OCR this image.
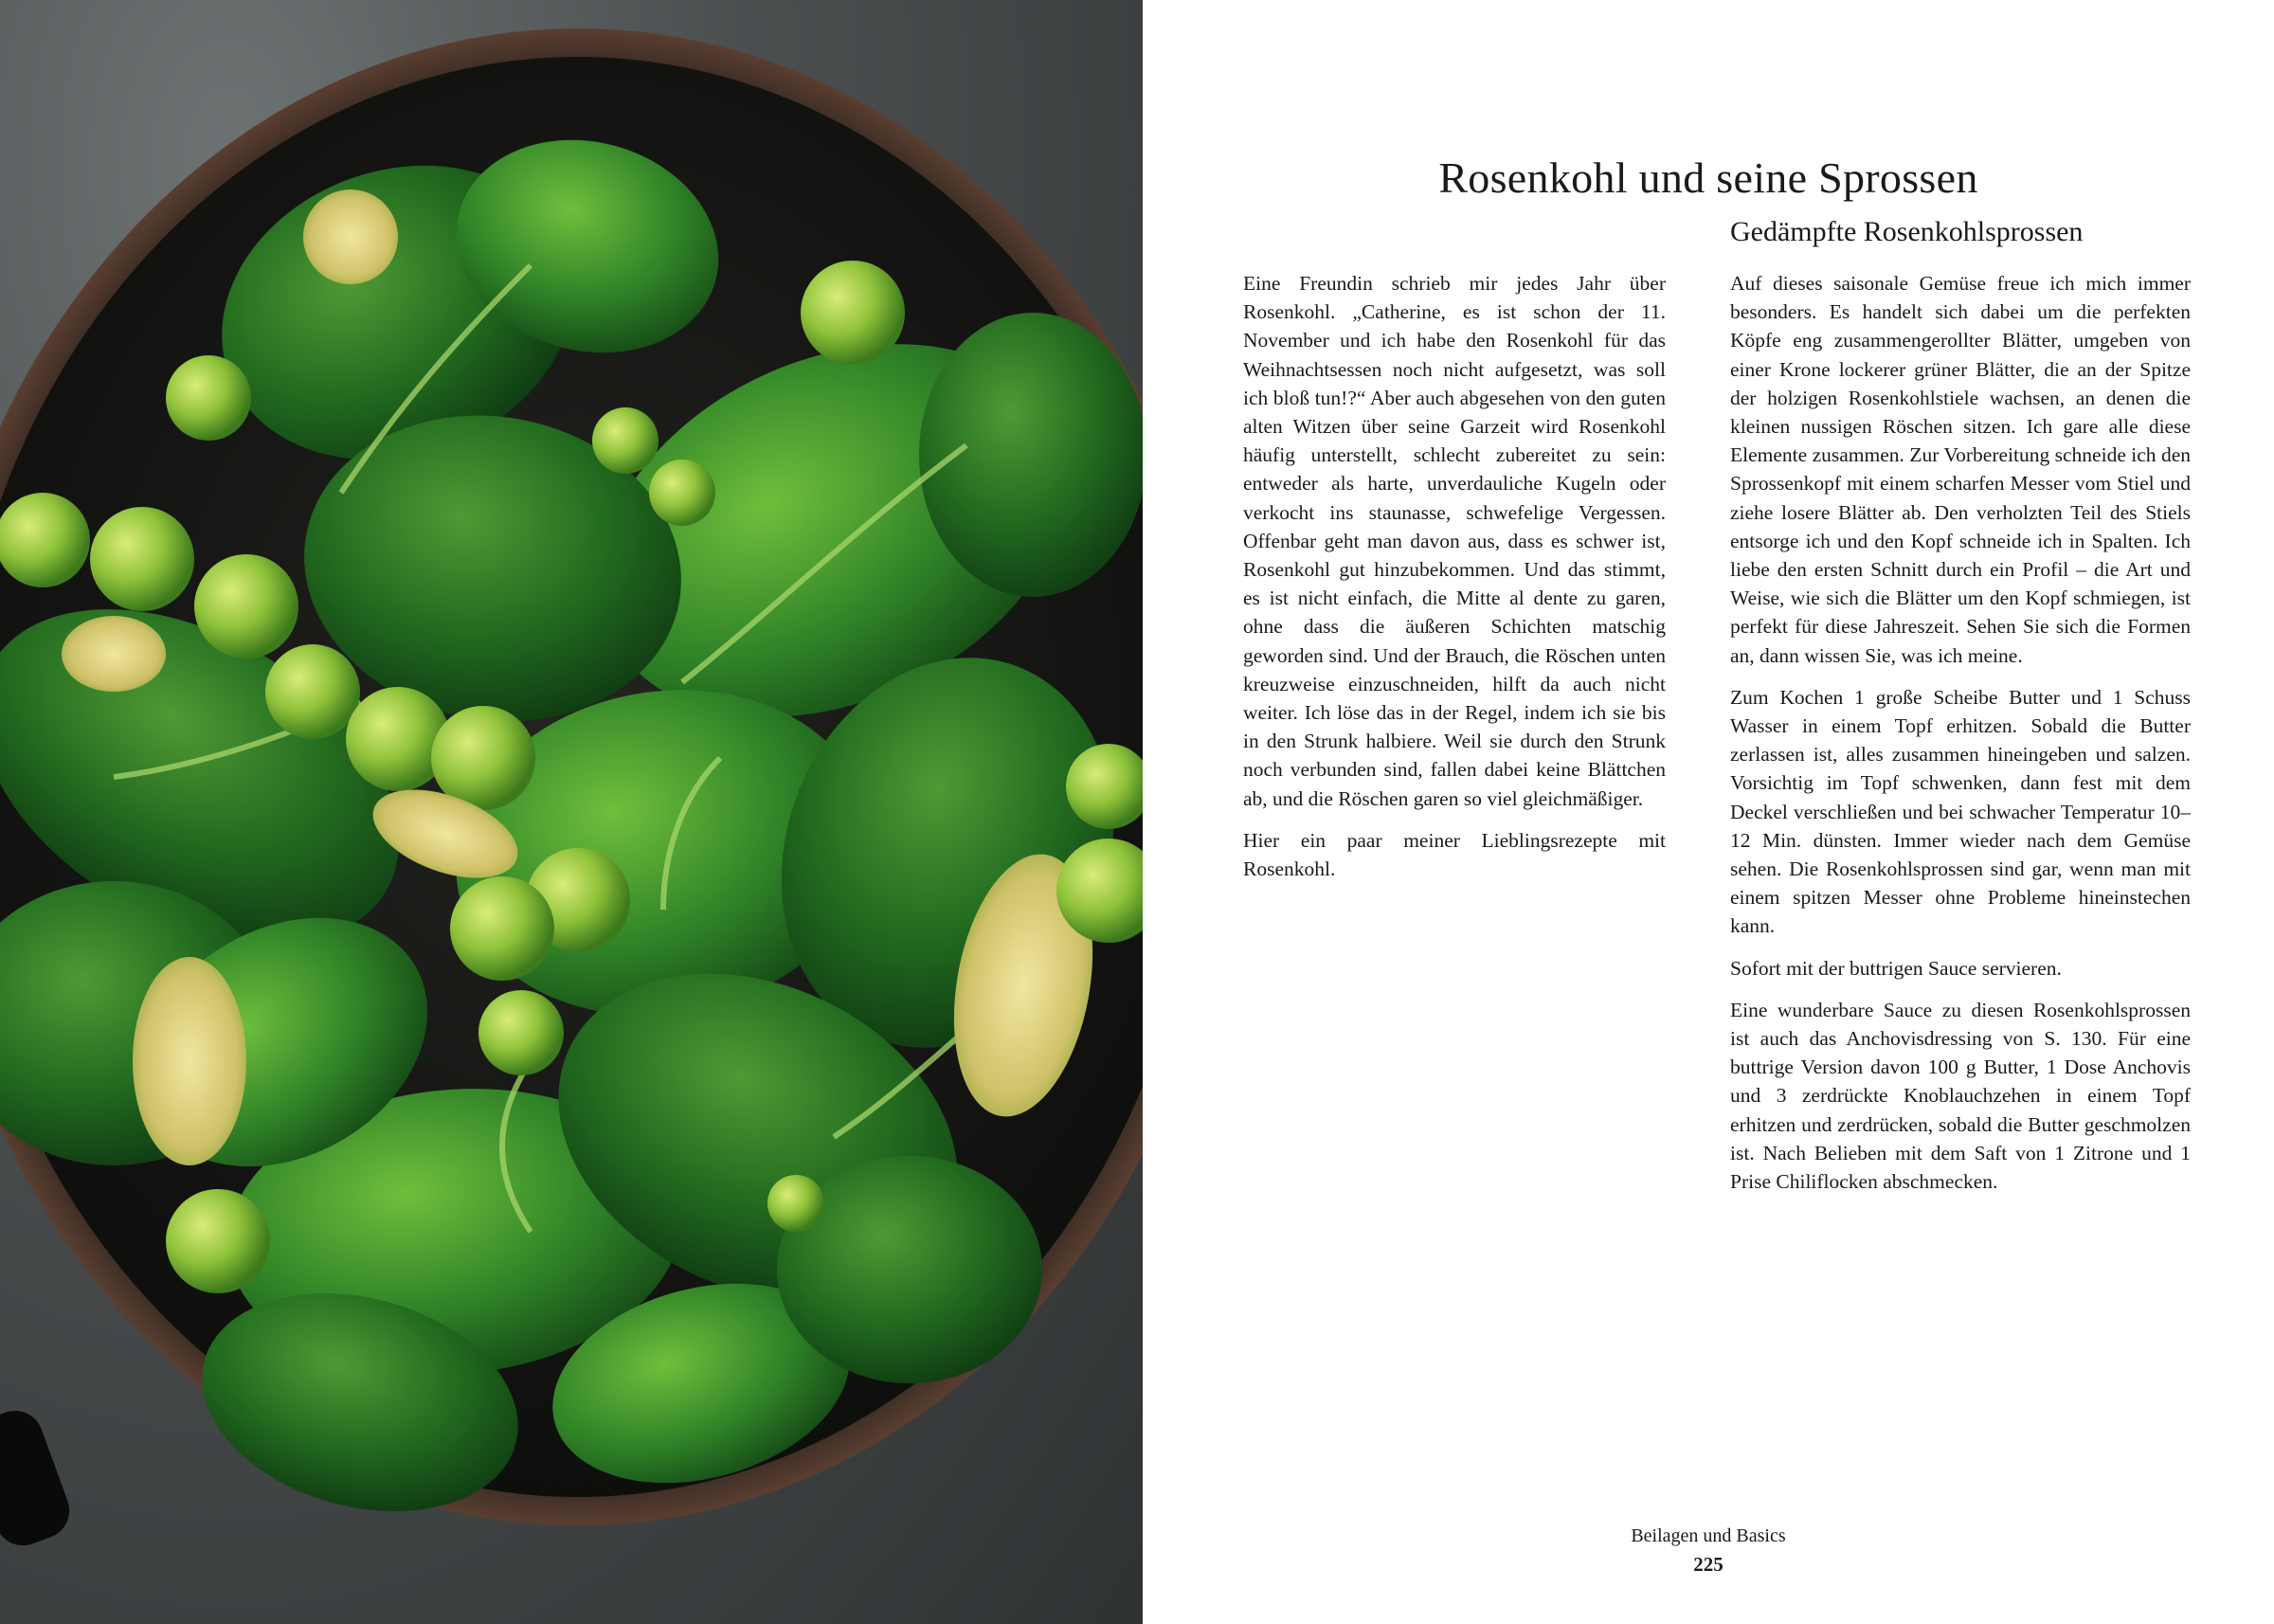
Rosenkohl und seine Sprossen

Eine Freundin schrieb mir jedes Jahr über Rosenkohl. „Catherine, es ist schon der 11. November und ich habe den Rosenkohl für das Weihnachtsessen noch nicht aufgesetzt, was soll ich bloß tun!?“ Aber auch abgesehen von den guten alten Witzen über seine Garzeit wird Rosenkohl häufig unterstellt, schlecht zubereitet zu sein: entweder als harte, unverdauliche Kugeln oder verkocht ins staunasse, schwefelige Vergessen. Offenbar geht man davon aus, dass es schwer ist, Rosenkohl gut hinzubekommen. Und das stimmt, es ist nicht einfach, die Mitte al dente zu garen, ohne dass die äußeren Schichten matschig geworden sind. Und der Brauch, die Röschen unten kreuzweise einzuschneiden, hilft da auch nicht weiter. Ich löse das in der Regel, indem ich sie bis in den Strunk halbiere. Weil sie durch den Strunk noch verbunden sind, fallen dabei keine Blättchen ab, und die Röschen garen so viel gleichmäßiger.

Hier ein paar meiner Lieblingsrezepte mit Rosenkohl.

Gedämpfte Rosenkohlsprossen

Auf dieses saisonale Gemüse freue ich mich immer besonders. Es handelt sich dabei um die perfekten Köpfe eng zusammengerollter Blätter, umgeben von einer Krone lockerer grüner Blätter, die an der Spitze der holzigen Rosenkohlstiele wachsen, an denen die kleinen nussigen Röschen sitzen. Ich gare alle diese Elemente zusammen. Zur Vorbereitung schneide ich den Sprossenkopf mit einem scharfen Messer vom Stiel und ziehe losere Blätter ab. Den verholzten Teil des Stiels entsorge ich und den Kopf schneide ich in Spalten. Ich liebe den ersten Schnitt durch ein Profil – die Art und Weise, wie sich die Blätter um den Kopf schmiegen, ist perfekt für diese Jahreszeit. Sehen Sie sich die Formen an, dann wissen Sie, was ich meine.

Zum Kochen 1 große Scheibe Butter und 1 Schuss Wasser in einem Topf erhitzen. Sobald die Butter zerlassen ist, alles zusammen hineingeben und salzen. Vorsichtig im Topf schwenken, dann fest mit dem Deckel verschließen und bei schwacher Temperatur 10–12 Min. dünsten. Immer wieder nach dem Gemüse sehen. Die Rosenkohlsprossen sind gar, wenn man mit einem spitzen Messer ohne Probleme hineinstechen kann.

Sofort mit der buttrigen Sauce servieren.

Eine wunderbare Sauce zu diesen Rosenkohlsprossen ist auch das Anchovisdressing von S. 130. Für eine buttrige Version davon 100 g Butter, 1 Dose Anchovis und 3 zerdrückte Knoblauchzehen in einem Topf erhitzen und zerdrücken, sobald die Butter geschmolzen ist. Nach Belieben mit dem Saft von 1 Zitrone und 1 Prise Chiliflocken abschmecken.

Beilagen und Basics
225
